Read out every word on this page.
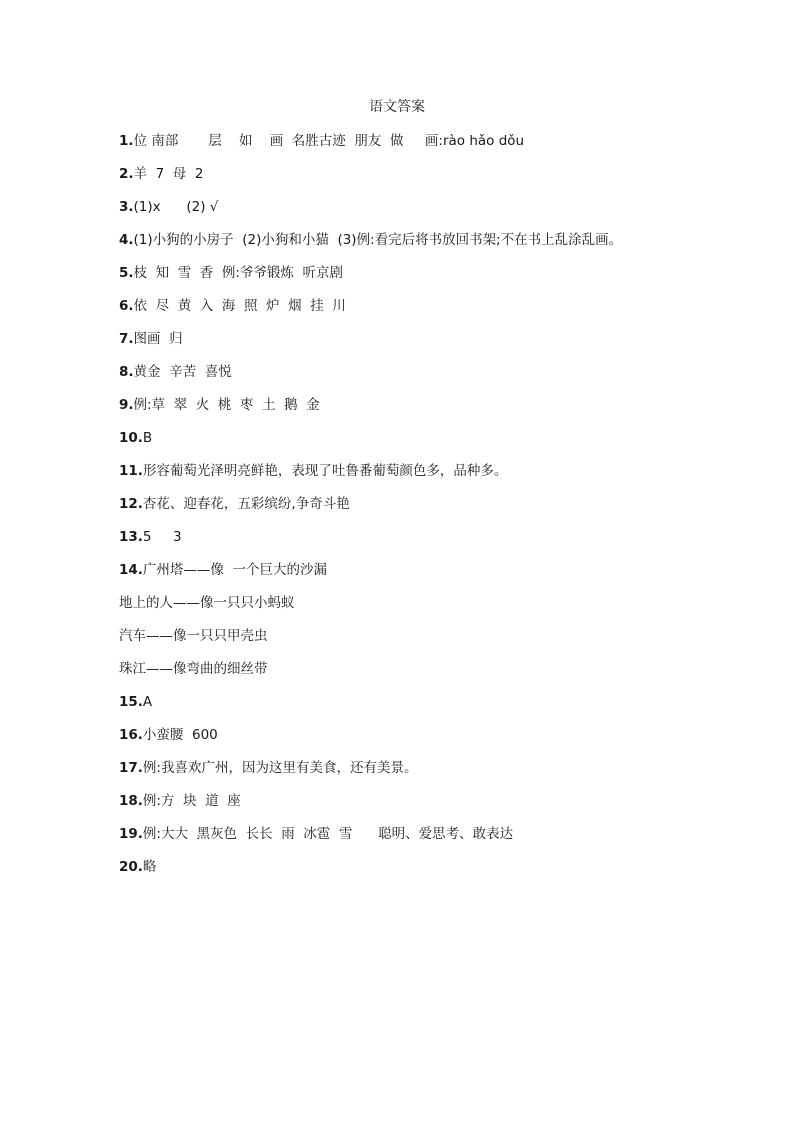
语文答案
1.位 南部       层    如    画  名胜古迹  朋友  做     画:rào hǎo dǒu
2.羊  7  母  2
3.(1)x      (2) √
4.(1)小狗的小房子  (2)小狗和小猫  (3)例:看完后将书放回书架;不在书上乱涂乱画。
5.枝  知  雪  香  例:爷爷锻炼  听京剧
6.依  尽  黄  入  海  照  炉  烟  挂  川
7.图画  归
8.黄金  辛苦  喜悦
9.例:草  翠  火  桃  枣  土  鹅  金
10.B
11.形容葡萄光泽明亮鲜艳，表现了吐鲁番葡萄颜色多，品种多。
12.杏花、迎春花，五彩缤纷,争奇斗艳
13.5     3
14.广州塔——像  一个巨大的沙漏
地上的人——像一只只小蚂蚁
汽车——像一只只甲壳虫
珠江——像弯曲的细丝带
15.A
16.小蛮腰  600
17.例:我喜欢广州，因为这里有美食，还有美景。
18.例:方  块  道  座
19.例:大大  黑灰色  长长  雨  冰雹  雪      聪明、爱思考、敢表达
20.略
